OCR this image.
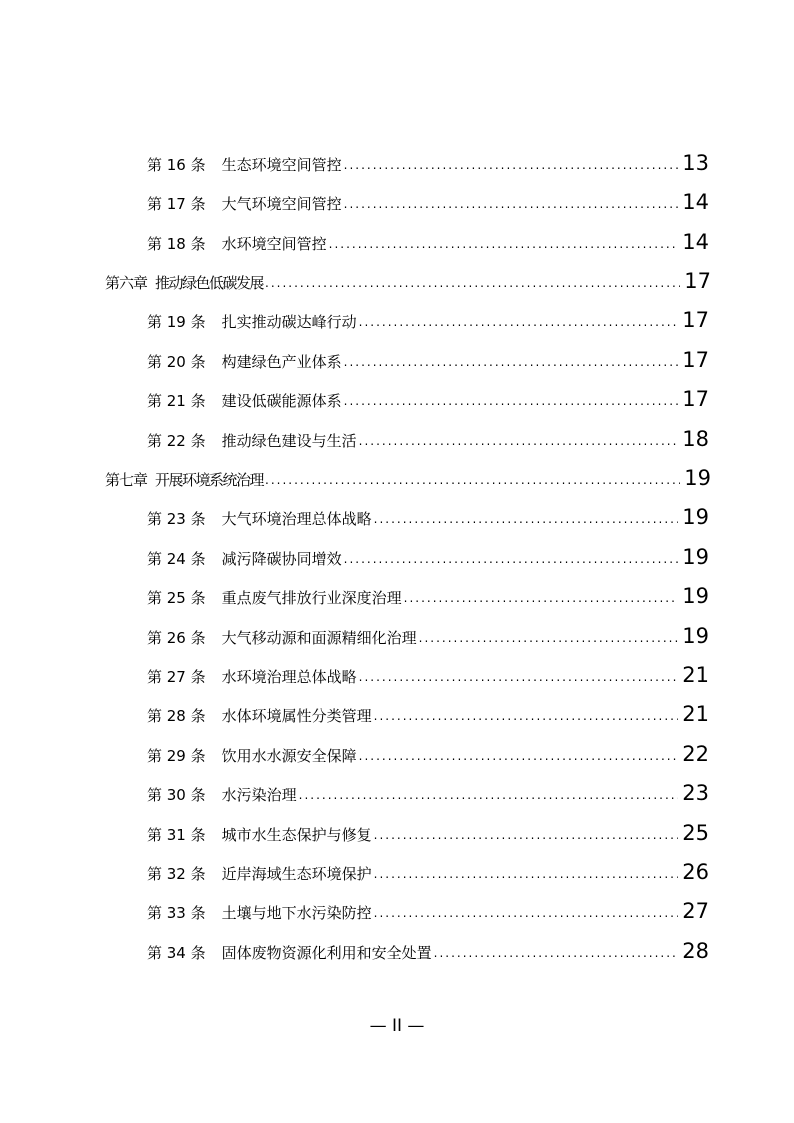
第 16 条 生态环境空间管控 .....	13
第 17 条 大气环境空间管控 .....	14
第 18 条 水环境空间管控 .....	14
第六章 推动绿色低碳发展 .....	17
第 19 条 扎实推动碳达峰行动 .....	17
第 20 条 构建绿色产业体系 .....	17
第 21 条 建设低碳能源体系 .....	17
第 22 条 推动绿色建设与生活 .....	18
第七章 开展环境系统治理 .....	19
第 23 条 大气环境治理总体战略 .....	19
第 24 条 减污降碳协同增效 .....	19
第 25 条 重点废气排放行业深度治理 .....	19
第 26 条 大气移动源和面源精细化治理 .....	19
第 27 条 水环境治理总体战略 .....	21
第 28 条 水体环境属性分类管理 .....	21
第 29 条 饮用水水源安全保障 .....	22
第 30 条 水污染治理 .....	23
第 31 条 城市水生态保护与修复 .....	25
第 32 条 近岸海域生态环境保护 .....	26
第 33 条 土壤与地下水污染防控 .....	27
第 34 条 固体废物资源化利用和安全处置 .....	28
— II —
